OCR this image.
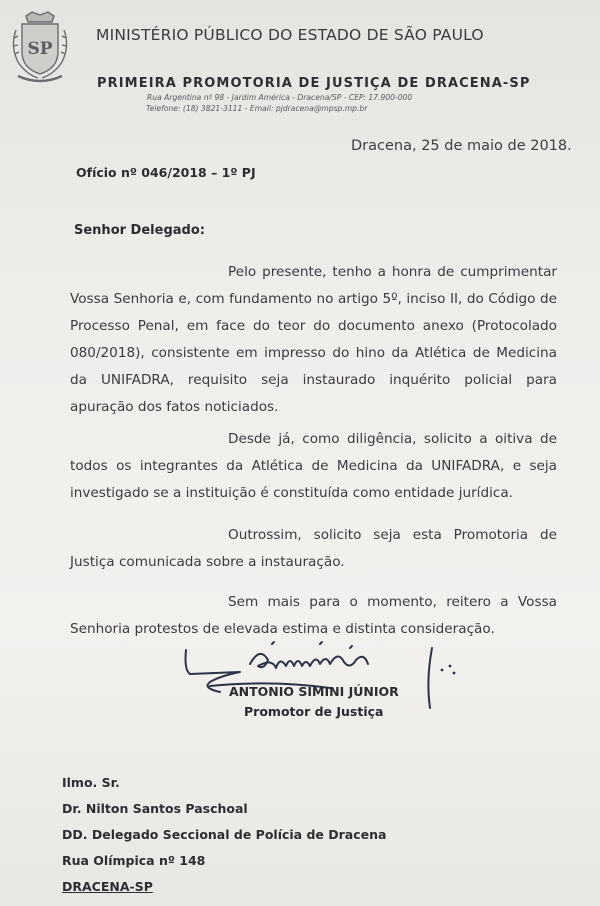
SP
MINISTÉRIO PÚBLICO DO ESTADO DE SÃO PAULO
PRIMEIRA PROMOTORIA DE JUSTIÇA DE DRACENA-SP
Rua Argentina nº 98 - Jardim América - Dracena/SP - CEP: 17.900-000
Telefone: (18) 3821-3111 - Email: pjdracena@mpsp.mp.br
Dracena, 25 de maio de 2018.
Ofício nº 046/2018 – 1º PJ
Senhor Delegado:
Pelo presente, tenho a honra de cumprimentar Vossa Senhoria e, com fundamento no artigo 5º, inciso II, do Código de Processo Penal, em face do teor do documento anexo (Protocolado 080/2018), consistente em impresso do hino da Atlética de Medicina da UNIFADRA, requisito seja instaurado inquérito policial para apuração dos fatos noticiados.
Desde já, como diligência, solicito a oitiva de todos os integrantes da Atlética de Medicina da UNIFADRA, e seja investigado se a instituição é constituída como entidade jurídica.
Outrossim, solicito seja esta Promotoria de Justiça comunicada sobre a instauração.
Sem mais para o momento, reitero a Vossa Senhoria protestos de elevada estima e distinta consideração.
ANTONIO SIMINI JÚNIOR
Promotor de Justiça
Ilmo. Sr.
Dr. Nilton Santos Paschoal
DD. Delegado Seccional de Polícia de Dracena
Rua Olímpica nº 148
DRACENA-SP
